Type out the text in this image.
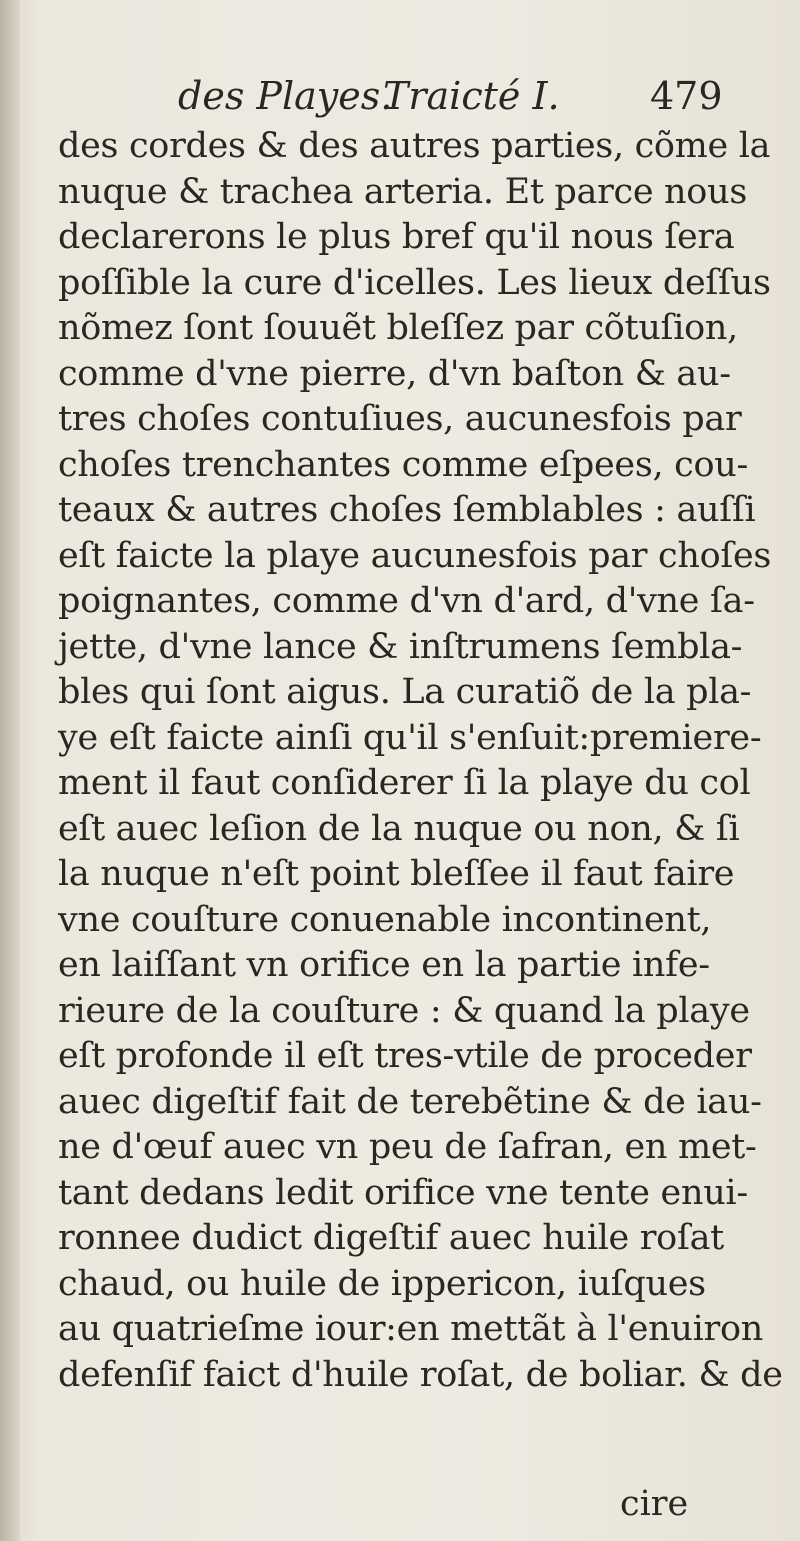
des Playes.
Traicté I. 479
des cordes & des autres parties, cõme la
nuque & trachea arteria. Et parce nous
declarerons le plus bref qu'il nous ſera
poſſible la cure d'icelles. Les lieux deſſus
nõmez ſont ſouuẽt bleſſez par cõtuſion,
comme d'vne pierre, d'vn baſton & au-
tres choſes contuſiues, aucunesfois par
choſes trenchantes comme eſpees, cou-
teaux & autres choſes ſemblables : auſſi
eſt faicte la playe aucunesfois par choſes
poignantes, comme d'vn d'ard, d'vne ſa-
jette, d'vne lance & inſtrumens ſembla-
bles qui ſont aigus. La curatiõ de la pla-
ye eſt faicte ainſi qu'il s'enſuit:premiere-
ment il faut conſiderer ſi la playe du col
eſt auec leſion de la nuque ou non, & ſi
la nuque n'eſt point bleſſee il faut faire
vne couſture conuenable incontinent,
en laiſſant vn orifice en la partie infe-
rieure de la couſture : & quand la playe
eſt profonde il eſt tres-vtile de proceder
auec digeſtif fait de terebẽtine & de iau-
ne d'œuf auec vn peu de ſafran, en met-
tant dedans ledit orifice vne tente enui-
ronnee dudict digeſtif auec huile roſat
chaud, ou huile de ippericon, iuſques
au quatrieſme iour:en mettãt à l'enuiron
defenſif faict d'huile roſat, de boliar. & de
cire
